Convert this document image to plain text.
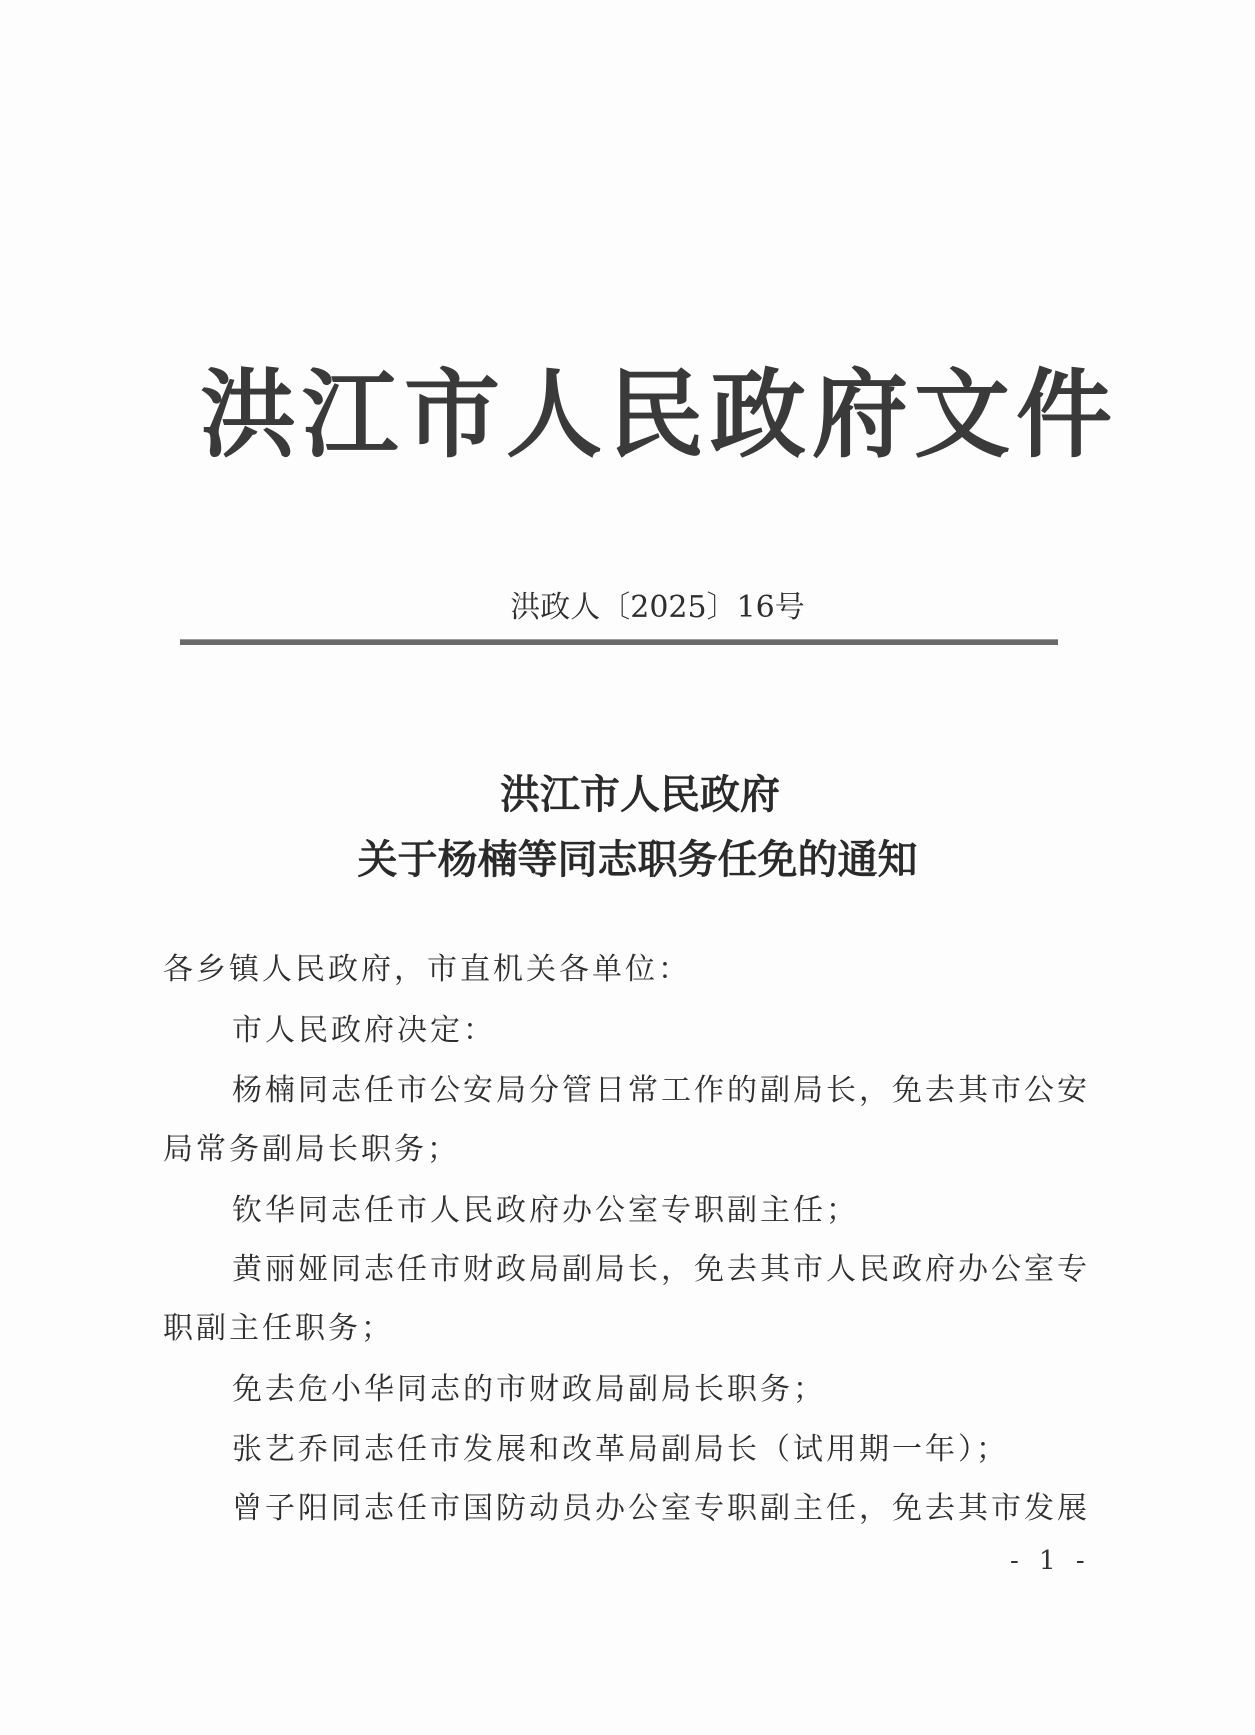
洪江市人民政府文件
洪政人〔2025〕16号
洪江市人民政府
关于杨楠等同志职务任免的通知
各乡镇人民政府，市直机关各单位：
市人民政府决定：
杨楠同志任市公安局分管日常工作的副局长，免去其市公安
局常务副局长职务；
钦华同志任市人民政府办公室专职副主任；
黄丽娅同志任市财政局副局长，免去其市人民政府办公室专
职副主任职务；
免去危小华同志的市财政局副局长职务；
张艺乔同志任市发展和改革局副局长（试用期一年）；
曾子阳同志任市国防动员办公室专职副主任，免去其市发展
- 1 -
